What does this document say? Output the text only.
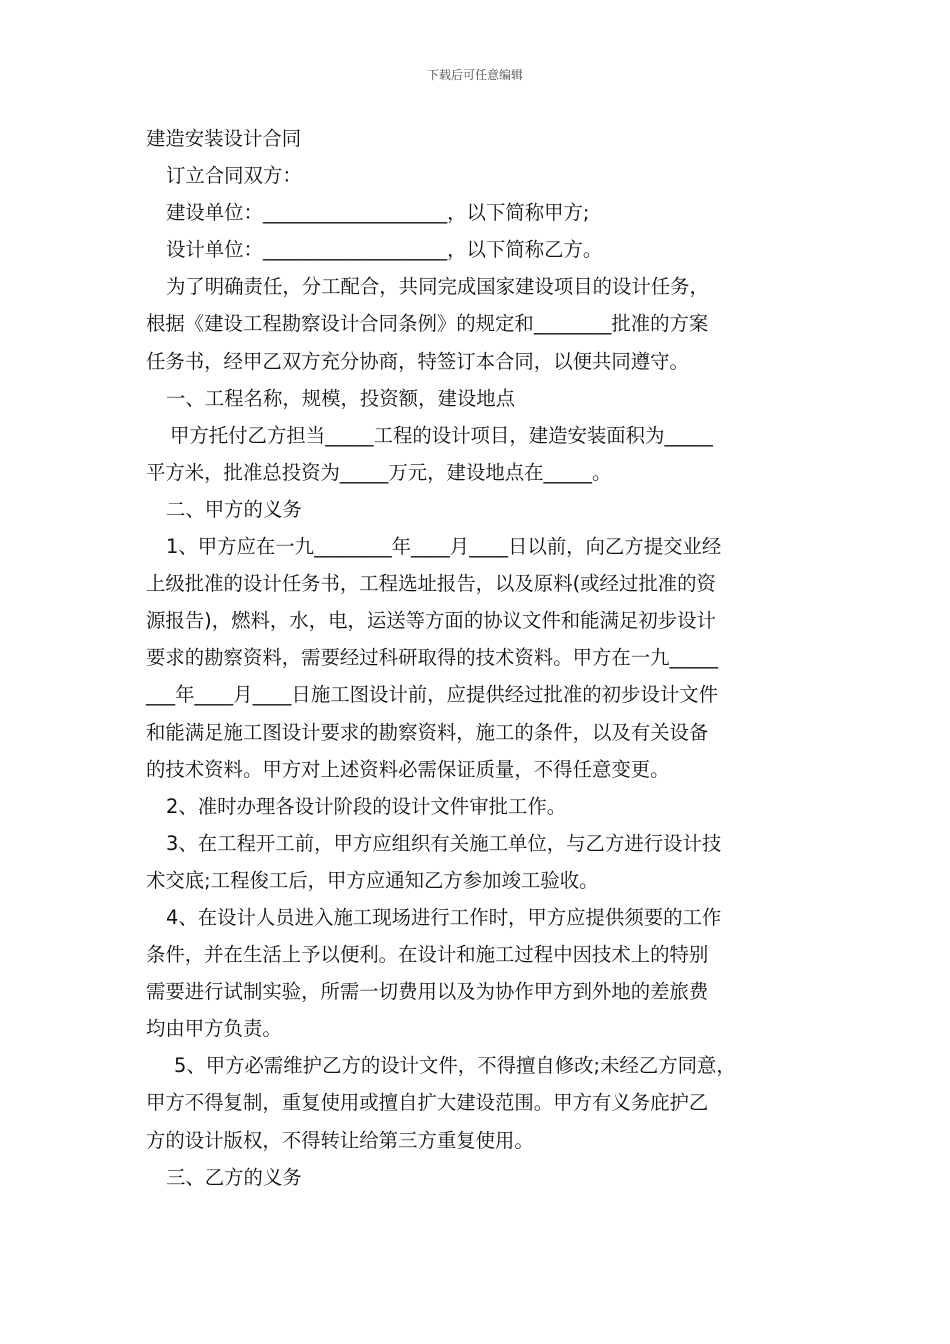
下载后可任意编辑

建造安装设计合同

订立合同双方：

建设单位：___________________，以下简称甲方;

设计单位：___________________，以下简称乙方。

为了明确责任，分工配合，共同完成国家建设项目的设计任务，

根据《建设工程勘察设计合同条例》的规定和________批准的方案

任务书，经甲乙双方充分协商，特签订本合同，以便共同遵守。

一、工程名称，规模，投资额，建设地点

甲方托付乙方担当_____工程的设计项目，建造安装面积为_____

平方米，批准总投资为_____万元，建设地点在_____。

二、甲方的义务

1、甲方应在一九________年____月____日以前，向乙方提交业经

上级批准的设计任务书，工程选址报告，以及原料(或经过批准的资

源报告)，燃料，水，电，运送等方面的协议文件和能满足初步设计

要求的勘察资料，需要经过科研取得的技术资料。甲方在一九_____

___年____月____日施工图设计前，应提供经过批准的初步设计文件

和能满足施工图设计要求的勘察资料，施工的条件，以及有关设备

的技术资料。甲方对上述资料必需保证质量，不得任意变更。

2、准时办理各设计阶段的设计文件审批工作。

3、在工程开工前，甲方应组织有关施工单位，与乙方进行设计技

术交底;工程俊工后，甲方应通知乙方参加竣工验收。

4、在设计人员进入施工现场进行工作时，甲方应提供须要的工作

条件，并在生活上予以便利。在设计和施工过程中因技术上的特别

需要进行试制实验，所需一切费用以及为协作甲方到外地的差旅费

均由甲方负责。

5、甲方必需维护乙方的设计文件，不得擅自修改;未经乙方同意，

甲方不得复制，重复使用或擅自扩大建设范围。甲方有义务庇护乙

方的设计版权，不得转让给第三方重复使用。

三、乙方的义务
